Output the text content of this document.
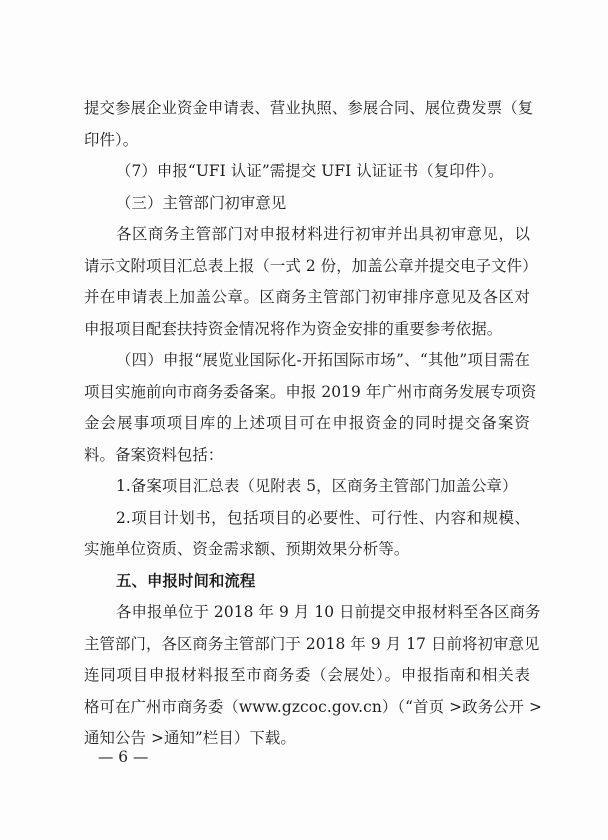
提交参展企业资金申请表、营业执照、参展合同、展位费发票（复
印件）。
（7）申报“UFI 认证”需提交 UFI 认证证书（复印件）。
（三）主管部门初审意见
各区商务主管部门对申报材料进行初审并出具初审意见，以
请示文附项目汇总表上报（一式 2 份，加盖公章并提交电子文件）
并在申请表上加盖公章。区商务主管部门初审排序意见及各区对
申报项目配套扶持资金情况将作为资金安排的重要参考依据。
（四）申报“展览业国际化-开拓国际市场”、“其他”项目需在
项目实施前向市商务委备案。申报 2019 年广州市商务发展专项资
金会展事项项目库的上述项目可在申报资金的同时提交备案资
料。备案资料包括：
1.备案项目汇总表（见附表 5，区商务主管部门加盖公章）
2.项目计划书，包括项目的必要性、可行性、内容和规模、
实施单位资质、资金需求额、预期效果分析等。
五、申报时间和流程
各申报单位于 2018 年 9 月 10 日前提交申报材料至各区商务
主管部门，各区商务主管部门于 2018 年 9 月 17 日前将初审意见
连同项目申报材料报至市商务委（会展处）。申报指南和相关表
格可在广州市商务委（www.gzcoc.gov.cn）（“首页 >政务公开 >
通知公告 >通知”栏目）下载。
— 6 —
